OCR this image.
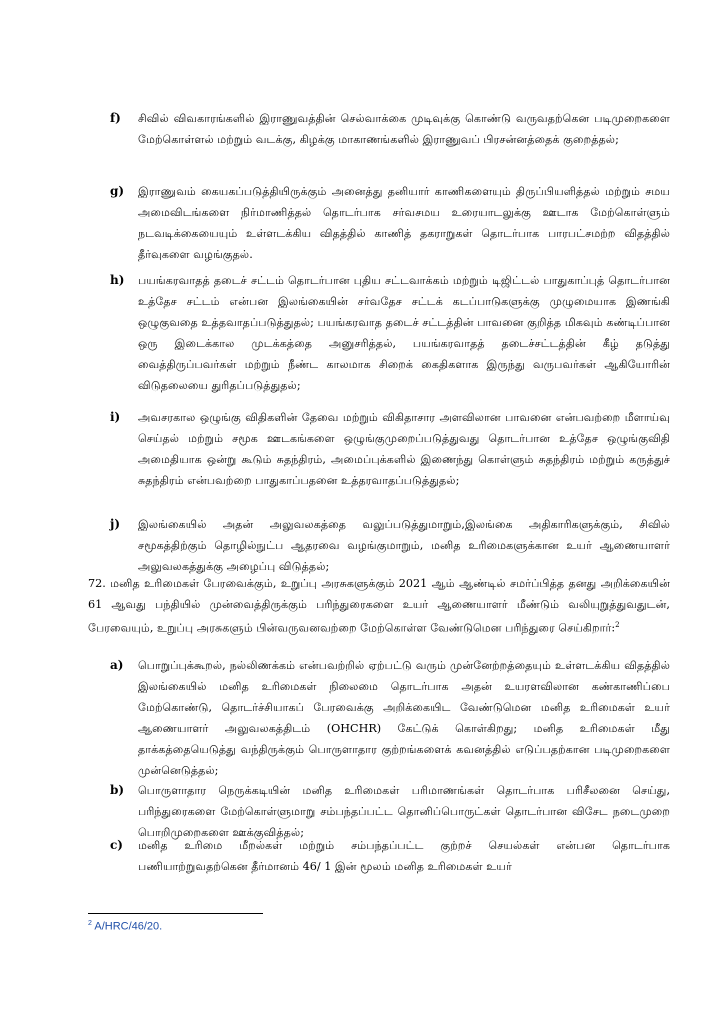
f) சிவில் விவகாரங்களில் இராணுவத்தின் செல்வாக்கை முடிவுக்கு கொண்டு வருவதற்கென படிமுறைகளை மேற்கொள்ளல் மற்றும் வடக்கு, கிழக்கு மாகாணங்களில் இராணுவப் பிரசன்னத்தைக் குறைத்தல்;
g) இராணுவம் கையகப்படுத்தியிருக்கும் அனைத்து தனியார் காணிகளையும் திருப்பியளித்தல் மற்றும் சமய அமைவிடங்களை நிர்மாணித்தல் தொடர்பாக சர்வசமய உரையாடலுக்கு ஊடாக மேற்கொள்ளும் நடவடிக்கையையும் உள்ளடக்கிய விதத்தில் காணித் தகராறுகள் தொடர்பாக பாரபட்சமற்ற விதத்தில் தீர்வுகளை வழங்குதல்.
h) பயங்கரவாதத் தடைச் சட்டம் தொடர்பான புதிய சட்டவாக்கம் மற்றும் டிஜிட்டல் பாதுகாப்புத் தொடர்பான உத்தேச சட்டம் என்பன இலங்கையின் சர்வதேச சட்டக் கடப்பாடுகளுக்கு முழுமையாக இணங்கி ஒழுகுவதை உத்தவாதப்படுத்துதல்; பயங்கரவாத தடைச் சட்டத்தின் பாவனை குறித்த மிகவும் கண்டிப்பான ஒரு இடைக்கால முடக்கத்தை அனுசரித்தல், பயங்கரவாதத் தடைச்சட்டத்தின் கீழ் தடுத்து வைத்திருப்பவர்கள் மற்றும் நீண்ட காலமாக சிறைக் கைதிகளாக இருந்து வருபவர்கள் ஆகியோரின் விடுதலையை துரிதப்படுத்துதல்;
i) அவசரகால ஒழுங்கு விதிகளின் தேவை மற்றும் விகிதாசார அளவிலான பாவனை என்பவற்றை மீளாய்வு செய்தல் மற்றும் சமூக ஊடகங்களை ஒழுங்குமுறைப்படுத்துவது தொடர்பான உத்தேச ஒழுங்குவிதி அமைதியாக ஒன்று கூடும் சுதந்திரம், அமைப்புக்களில் இணைந்து கொள்ளும் சுதந்திரம் மற்றும் கருத்துச் சுதந்திரம் என்பவற்றை பாதுகாப்பதனை உத்தரவாதப்படுத்துதல்;
j) இலங்கையில் அதன் அலுவலகத்தை வலுப்படுத்துமாறும்,இலங்கை அதிகாரிகளுக்கும், சிவில் சமூகத்திற்கும் தொழில்நுட்ப ஆதரவை வழங்குமாறும், மனித உரிமைகளுக்கான உயர் ஆணையாளர் அலுவலகத்துக்கு அழைப்பு விடுத்தல்;
72. மனித உரிமைகள் பேரவைக்கும், உறுப்பு அரசுகளுக்கும் 2021 ஆம் ஆண்டில் சமர்ப்பித்த தனது அறிக்கையின் 61 ஆவது பந்தியில் முன்வைத்திருக்கும் பரிந்துரைகளை உயர் ஆணையாளர் மீண்டும் வலியுறுத்துவதுடன், பேரவையும், உறுப்பு அரசுகளும் பின்வருவனவற்றை மேற்கொள்ள வேண்டுமென பரிந்துரை செய்கிறார்:$^2$
a) பொறுப்புக்கூறல், நல்லிணக்கம் என்பவற்றில் ஏற்பட்டு வரும் முன்னேற்றத்தையும் உள்ளடக்கிய விதத்தில் இலங்கையில் மனித உரிமைகள் நிலைமை தொடர்பாக அதன் உயரளவிலான கண்காணிப்பை மேற்கொண்டு, தொடர்ச்சியாகப் பேரவைக்கு அறிக்கையிட வேண்டுமென மனித உரிமைகள் உயர் ஆணையாளர் அலுவலகத்திடம் (OHCHR) கேட்டுக் கொள்கிறது; மனித உரிமைகள் மீது தாக்கத்தையெடுத்து வந்திருக்கும் பொருளாதார குற்றங்களைக் கவனத்தில் எடுப்பதற்கான படிமுறைகளை முன்னெடுத்தல்;
b) பொருளாதார நெருக்கடியின் மனித உரிமைகள் பரிமாணங்கள் தொடர்பாக பரிசீலனை செய்து, பரிந்துரைகளை மேற்கொள்ளுமாறு சம்பந்தப்பட்ட தொனிப்பொருட்கள் தொடர்பான விசேட நடைமுறை பொறிமுறைகளை ஊக்குவித்தல்;
c) மனித உரிமை மீறல்கள் மற்றும் சம்பந்தப்பட்ட குற்றச் செயல்கள் என்பன தொடர்பாக பணியாற்றுவதற்கென தீர்மானம் 46/ 1 இன் மூலம் மனித உரிமைகள் உயர்
$^2$ A/HRC/46/20.
